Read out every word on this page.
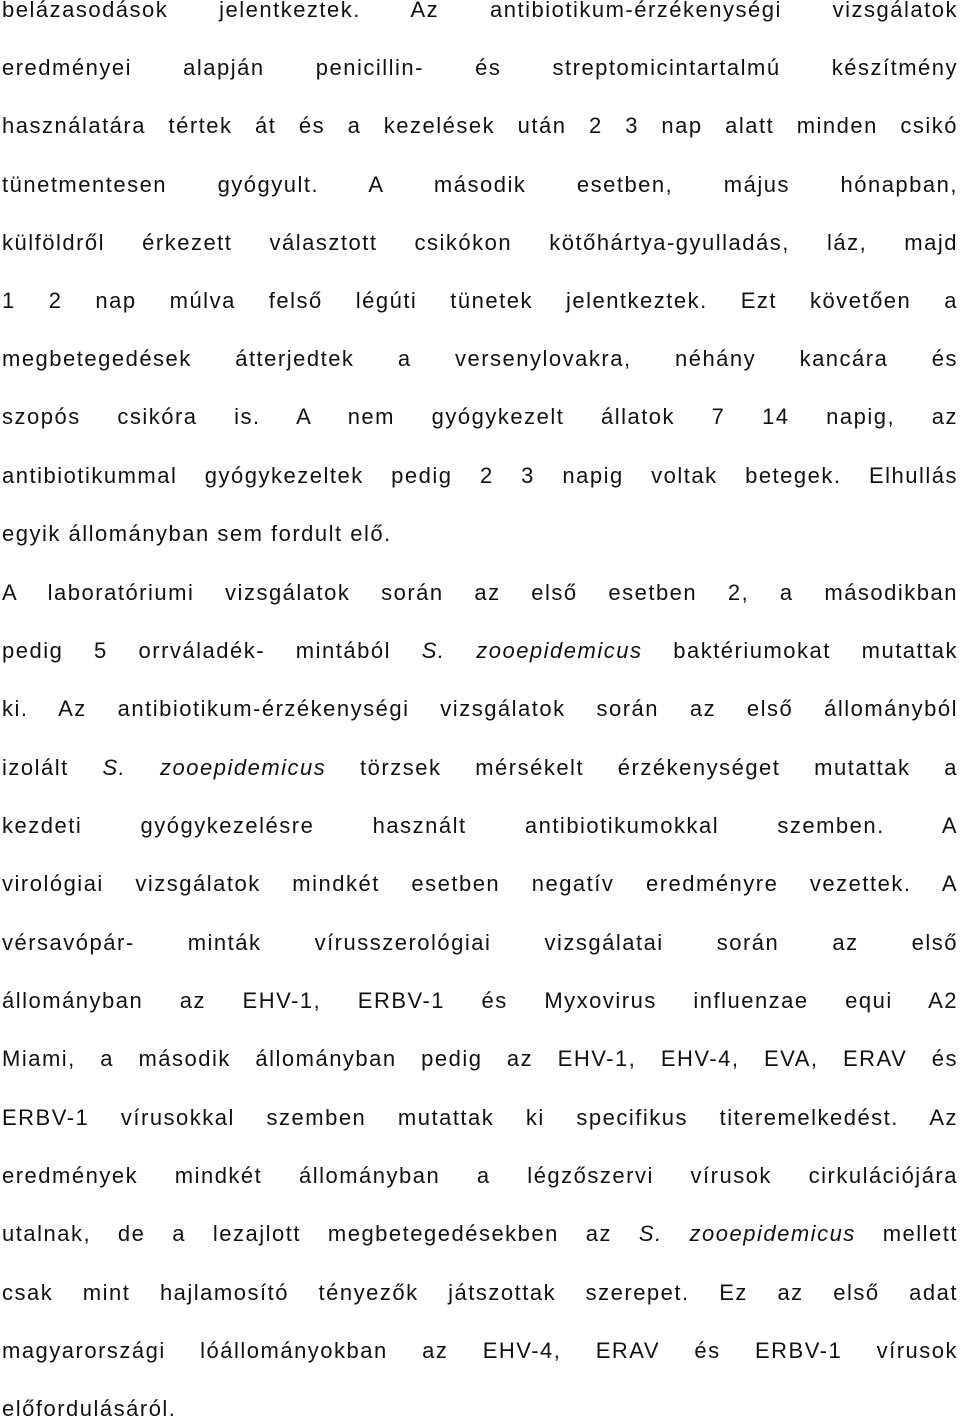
belázasodások jelentkeztek. Az antibiotikum-érzékenységi vizsgálatok
eredményei alapján penicillin- és streptomicintartalmú készítmény
használatára tértek át és a kezelések után 2 3 nap alatt minden csikó
tünetmentesen gyógyult. A második esetben, május hónapban,
külföldről érkezett választott csikókon kötőhártya-gyulladás, láz, majd
1 2 nap múlva felső légúti tünetek jelentkeztek. Ezt követően a
megbetegedések átterjedtek a versenylovakra, néhány kancára és
szopós csikóra is. A nem gyógykezelt állatok 7 14 napig, az
antibiotikummal gyógykezeltek pedig 2 3 napig voltak betegek. Elhullás
egyik állományban sem fordult elő.
A laboratóriumi vizsgálatok során az első esetben 2, a másodikban
pedig 5 orrváladék- mintából S. zooepidemicus baktériumokat mutattak
ki. Az antibiotikum-érzékenységi vizsgálatok során az első állományból
izolált S. zooepidemicus törzsek mérsékelt érzékenységet mutattak a
kezdeti gyógykezelésre használt antibiotikumokkal szemben. A
virológiai vizsgálatok mindkét esetben negatív eredményre vezettek. A
vérsavópár- minták vírusszerológiai vizsgálatai során az első
állományban az EHV-1, ERBV-1 és Myxovirus influenzae equi A2
Miami, a második állományban pedig az EHV-1, EHV-4, EVA, ERAV és
ERBV-1 vírusokkal szemben mutattak ki specifikus titeremelkedést. Az
eredmények mindkét állományban a légzőszervi vírusok cirkulációjára
utalnak, de a lezajlott megbetegedésekben az S. zooepidemicus mellett
csak mint hajlamosító tényezők játszottak szerepet. Ez az első adat
magyarországi lóállományokban az EHV-4, ERAV és ERBV-1 vírusok
előfordulásáról.
